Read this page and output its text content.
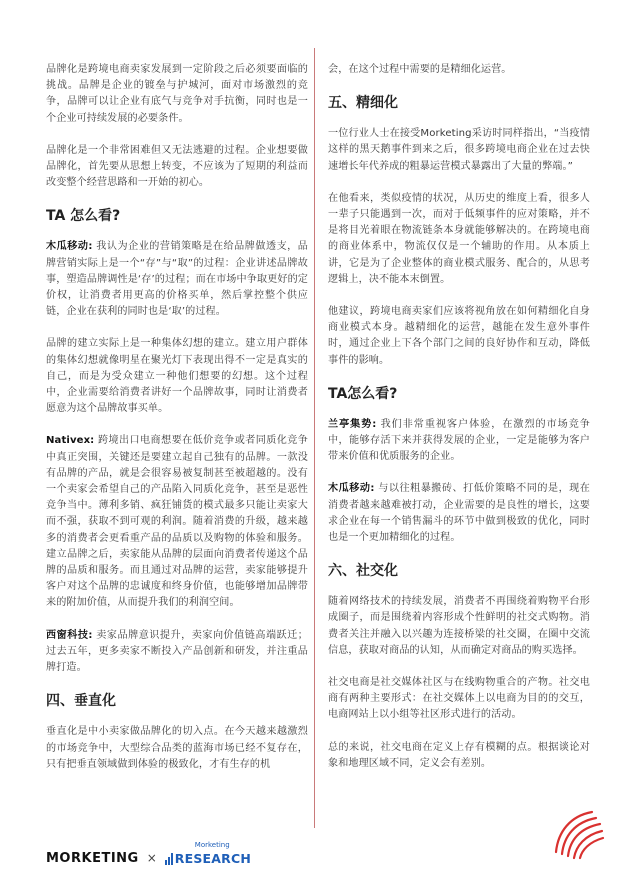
品牌化是跨境电商卖家发展到一定阶段之后必须要面临的挑战。品牌是企业的镀垒与护城河，面对市场激烈的竞争，品牌可以让企业有底气与竞争对手抗衡，同时也是一个企业可持续发展的必要条件。

品牌化是一个非常困难但又无法逃避的过程。企业想要做品牌化，首先要从思想上转变，不应该为了短期的利益而改变整个经营思路和一开始的初心。

TA 怎么看?

木瓜移动: 我认为企业的营销策略是在给品牌做透支，品牌营销实际上是一个“存”与“取”的过程：企业讲述品牌故事，塑造品牌调性是‘存’的过程；而在市场中争取更好的定价权，让消费者用更高的价格买单，然后掌控整个供应链，企业在获利的同时也是‘取’的过程。

品牌的建立实际上是一种集体幻想的建立。建立用户群体的集体幻想就像明星在聚光灯下表现出得不一定是真实的自己，而是为受众建立一种他们想要的幻想。这个过程中，企业需要给消费者讲好一个品牌故事，同时让消费者愿意为这个品牌故事买单。

Nativex: 跨境出口电商想要在低价竞争或者同质化竞争中真正突围，关键还是要建立起自己独有的品牌。一款没有品牌的产品，就是会很容易被复制甚至被超越的。没有一个卖家会希望自己的产品陷入同质化竞争，甚至是恶性竞争当中。薄利多销、疯狂铺货的模式最多只能让卖家大而不强，获取不到可观的利润。随着消费的升级，越来越多的消费者会更看重产品的品质以及购物的体验和服务。建立品牌之后，卖家能从品牌的层面向消费者传递这个品牌的品质和服务。而且通过对品牌的运营，卖家能够提升客户对这个品牌的忠诚度和终身价值，也能够增加品牌带来的附加价值，从而提升我们的利润空间。

西窗科技: 卖家品牌意识提升，卖家向价值链高端跃迁；过去五年，更多卖家不断投入产品创新和研发，并注重品牌打造。

四、垂直化

垂直化是中小卖家做品牌化的切入点。在今天越来越激烈的市场竞争中，大型综合品类的蓝海市场已经不复存在，只有把垂直领域做到体验的极致化，才有生存的机

会，在这个过程中需要的是精细化运营。

五、精细化

一位行业人士在接受Morketing采访时同样指出，“当疫情这样的黑天鹅事件到来之后，很多跨境电商企业在过去快速增长年代养成的粗暴运营模式暴露出了大量的弊端。”

在他看来，类似疫情的状况，从历史的维度上看，很多人一辈子只能遇到一次，而对于低频事件的应对策略，并不是将目光着眼在物流链条本身就能够解决的。在跨境电商的商业体系中，物流仅仅是一个辅助的作用。从本质上讲，它是为了企业整体的商业模式服务、配合的，从思考逻辑上，决不能本末倒置。

他建议，跨境电商卖家们应该将视角放在如何精细化自身商业模式本身。越精细化的运营，越能在发生意外事件时，通过企业上下各个部门之间的良好协作和互动，降低事件的影响。

TA怎么看?

兰亭集势: 我们非常重视客户体验，在激烈的市场竞争中，能够存活下来并获得发展的企业，一定是能够为客户带来价值和优质服务的企业。

木瓜移动: 与以往粗暴搬砖、打低价策略不同的是，现在消费者越来越难被打动，企业需要的是良性的增长，这要求企业在每一个销售漏斗的环节中做到极致的优化，同时也是一个更加精细化的过程。

六、社交化

随着网络技术的持续发展，消费者不再围绕着购物平台形成圈子，而是围绕着内容形成个性鲜明的社交式购物。消费者关注并融入以兴趣为连接桥梁的社交圈，在圈中交流信息，获取对商品的认知，从而确定对商品的购买选择。

社交电商是社交媒体社区与在线购物重合的产物。社交电商有两种主要形式：在社交媒体上以电商为目的的交互，电商网站上以小组等社区形式进行的活动。

总的来说，社交电商在定义上存有模糊的点。根据谈论对象和地理区域不同，定义会有差别。

MORKETING × RESEARCH
Morketing
